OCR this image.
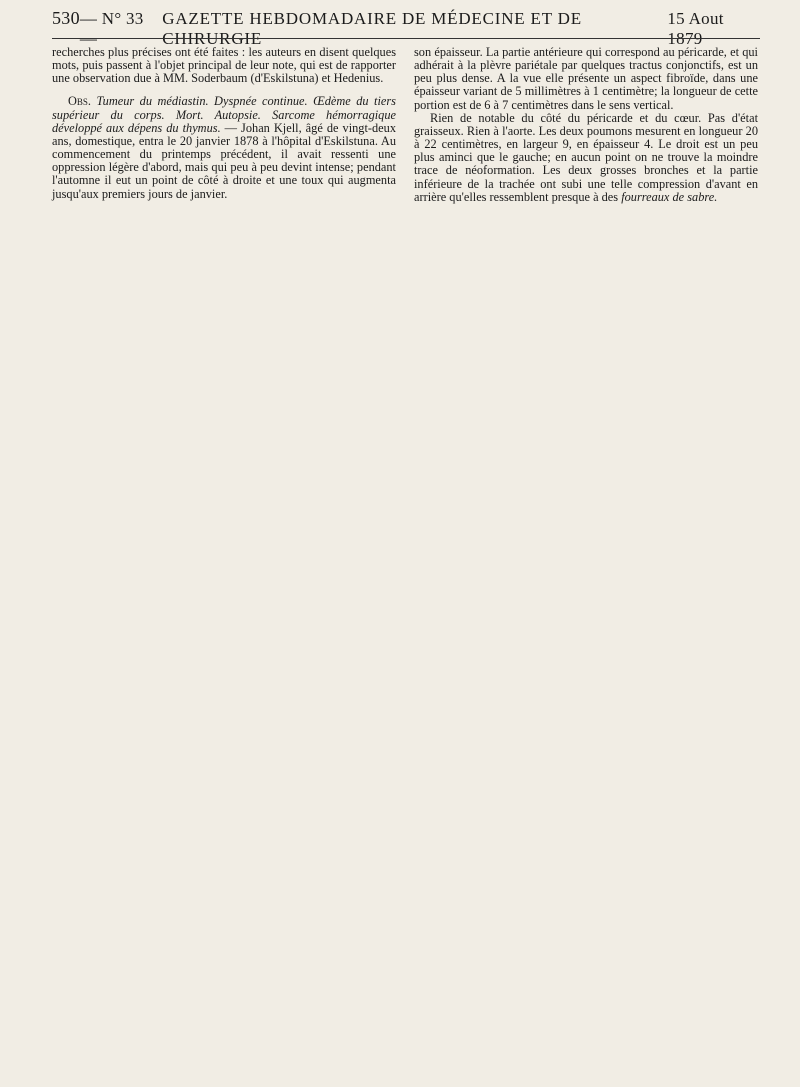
530 — N° 33 —
GAZETTE HEBDOMADAIRE DE MÉDECINE ET DE CHIRURGIE
15 Aout 1879

recherches plus précises ont été faites : les auteurs en disent quelques mots, puis passent à l'objet principal de leur note, qui est de rapporter une observation due à MM. Soderbaum (d'Eskilstuna) et Hedenius.

Obs. Tumeur du médiastin. Dyspnée continue. Œdème du tiers supérieur du corps. Mort. Autopsie. Sarcome hémorragique développé aux dépens du thymus. — Johan Kjell, âgé de vingt-deux ans, domestique, entra le 20 janvier 1878 à l'hôpital d'Eskilstuna. Au commencement du printemps précédent, il avait ressenti une oppression légère d'abord, mais qui peu à peu devint intense; pendant l'automne il eut un point de côté à droite et une toux qui augmenta jusqu'aux premiers jours de janvier.

son épaisseur. La partie antérieure qui correspond au péricarde, et qui adhérait à la plèvre pariétale par quelques tractus conjonctifs, est un peu plus dense. A la vue elle présente un aspect fibroïde, dans une épaisseur variant de 5 millimètres à 1 centimètre; la longueur de cette portion est de 6 à 7 centimètres dans le sens vertical.

Rien de notable du côté du péricarde et du cœur. Pas d'état graisseux. Rien à l'aorte. Les deux poumons mesurent en longueur 20 à 22 centimètres, en largeur 9, en épaisseur 4. Le droit est un peu plus aminci que le gauche; en aucun point on ne trouve la moindre trace de néoformation. Les deux grosses bronches et la partie inférieure de la trachée ont subi une telle compression d'avant en arrière qu'elles ressemblent presque à des fourreaux de sabre.
